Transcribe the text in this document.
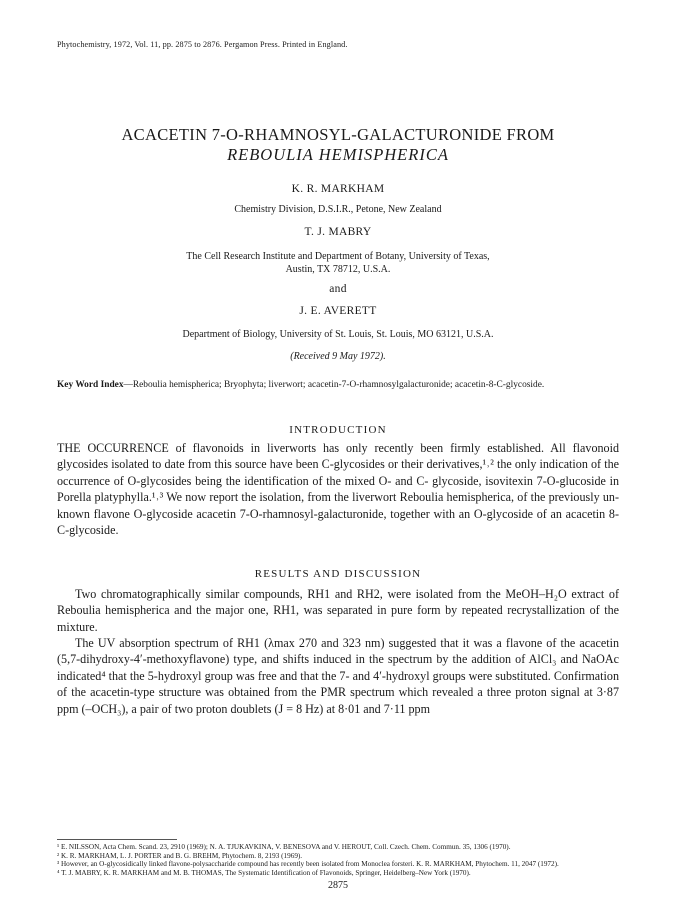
Phytochemistry, 1972, Vol. 11, pp. 2875 to 2876. Pergamon Press. Printed in England.
ACACETIN 7-O-RHAMNOSYL-GALACTURONIDE FROM
REBOULIA HEMISPHERICA
K. R. MARKHAM
Chemistry Division, D.S.I.R., Petone, New Zealand
T. J. MABRY
The Cell Research Institute and Department of Botany, University of Texas,
Austin, TX 78712, U.S.A.
and
J. E. AVERETT
Department of Biology, University of St. Louis, St. Louis, MO 63121, U.S.A.
(Received 9 May 1972).
Key Word Index—Reboulia hemispherica; Bryophyta; liverwort; acacetin-7-O-rhamnosylgalacturonide; acacetin-8-C-glycoside.
INTRODUCTION
THE OCCURRENCE of flavonoids in liverworts has only recently been firmly established. All flavonoid glycosides isolated to date from this source have been C-glycosides or their derivatives,¹˒² the only indication of the occurrence of O-glycosides being the identification of the mixed O- and C- glycoside, isovitexin 7-O-glucoside in Porella platyphylla.¹˒³ We now report the isolation, from the liverwort Reboulia hemispherica, of the previously un-known flavone O-glycoside acacetin 7-O-rhamnosyl-galacturonide, together with an O-glycoside of an acacetin 8-C-glycoside.
RESULTS AND DISCUSSION
Two chromatographically similar compounds, RH1 and RH2, were isolated from the MeOH–H₂O extract of Reboulia hemispherica and the major one, RH1, was separated in pure form by repeated recrystallization of the mixture.
The UV absorption spectrum of RH1 (λmax 270 and 323 nm) suggested that it was a flavone of the acacetin (5,7-dihydroxy-4′-methoxyflavone) type, and shifts induced in the spectrum by the addition of AlCl₃ and NaOAc indicated⁴ that the 5-hydroxyl group was free and that the 7- and 4′-hydroxyl groups were substituted. Confirmation of the acacetin-type structure was obtained from the PMR spectrum which revealed a three proton signal at 3·87 ppm (–OCH₃), a pair of two proton doublets (J = 8 Hz) at 8·01 and 7·11 ppm
¹ E. NILSSON, Acta Chem. Scand. 23, 2910 (1969); N. A. TJUKAVKINA, V. BENESOVA and V. HEROUT, Coll. Czech. Chem. Commun. 35, 1306 (1970).
² K. R. MARKHAM, L. J. PORTER and B. G. BREHM, Phytochem. 8, 2193 (1969).
³ However, an O-glycosidically linked flavone-polysaccharide compound has recently been isolated from Monoclea forsteri. K. R. MARKHAM, Phytochem. 11, 2047 (1972).
⁴ T. J. MABRY, K. R. MARKHAM and M. B. THOMAS, The Systematic Identification of Flavonoids, Springer, Heidelberg–New York (1970).
2875
